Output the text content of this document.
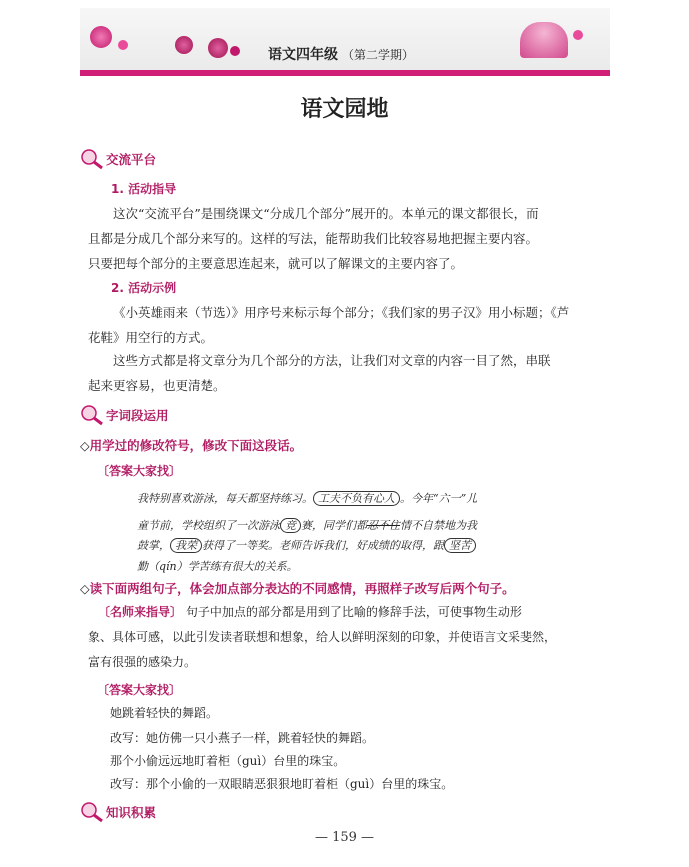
语文四年级 （第二学期）
语文园地
交流平台
1. 活动指导
这次“交流平台”是围绕课文“分成几个部分”展开的。本单元的课文都很长，而
且都是分成几个部分来写的。这样的写法，能帮助我们比较容易地把握主要内容。
只要把每个部分的主要意思连起来，就可以了解课文的主要内容了。
2. 活动示例
《小英雄雨来（节选）》用序号来标示每个部分；《我们家的男子汉》用小标题；《芦
花鞋》用空行的方式。
这些方式都是将文章分为几个部分的方法，让我们对文章的内容一目了然，串联
起来更容易，也更清楚。
字词段运用
◇用学过的修改符号，修改下面这段话。
〔答案大家找〕
我特别喜欢游泳，每天都坚持练习。 工夫不负有心人 。今年“六一”儿
童节前，学校组织了一次游泳 竞 赛，同学们都忍不住情不自禁地为我
鼓掌， 我荣 获得了一等奖。老师告诉我们，好成绩的取得，跟 坚苦
勤（qín）学苦练有很大的关系。
◇读下面两组句子，体会加点部分表达的不同感情，再照样子改写后两个句子。
〔名师来指导〕 句子中加点的部分都是用到了比喻的修辞手法，可使事物生动形
象、具体可感，以此引发读者联想和想象，给人以鲜明深刻的印象，并使语言文采斐然，
富有很强的感染力。
〔答案大家找〕
她跳着轻快的舞蹈。
改写：她仿佛一只小燕子一样，跳着轻快的舞蹈。
那个小偷远远地盯着柜（guì）台里的珠宝。
改写：那个小偷的一双眼睛恶狠狠地盯着柜（guì）台里的珠宝。
知识积累
— 159 —
